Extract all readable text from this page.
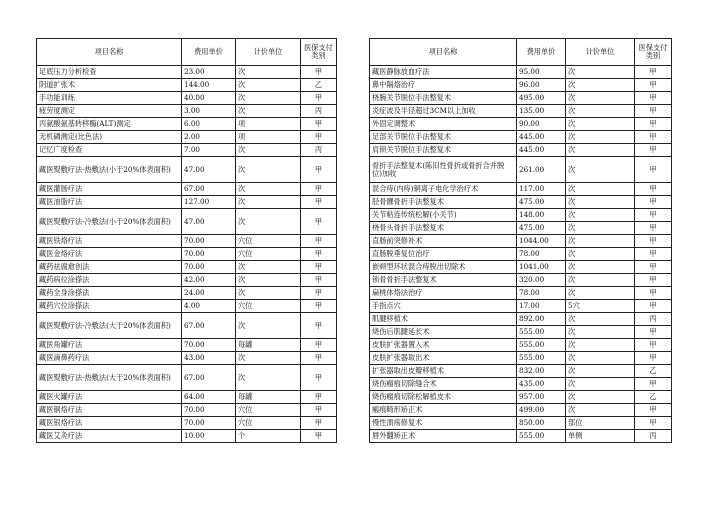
项目名称	费用单价	计价单位	医保支付类别
足底压力分析检查	23.00	次	甲
阴道扩张术	144.00	次	乙
手功能训练	40.00	次	甲
疲劳度测定	3.00	次	丙
丙氨酸氨基转移酶(ALT)测定	6.00	项	甲
无机磷测定(比色法)	2.00	项	甲
记忆广度检查	7.00	次	丙
藏医熨敷疗法-热敷法(小于20%体表面积)	47.00	次	甲
藏医灌肠疗法	67.00	次	甲
藏医油脂疗法	127.00	次	甲
藏医熨敷疗法-冷敷法(小于20%体表面积)	47.00	次	甲
藏医铁烙疗法	70.00	穴位	甲
藏医金烙疗法	70.00	穴位	甲
藏药祛腐愈创法	70.00	次	甲
藏药病位涂搽法	42.00	次	甲
藏药全身涂搽法	24.00	次	甲
藏药穴位涂搽法	4.00	穴位	甲
藏医熨敷疗法-冷敷法(大于20%体表面积)	67.00	次	甲
藏医角罐疗法	70.00	每罐	甲
藏医滴鼻药疗法	43.00	次	甲
藏医熨敷疗法-热敷法(大于20%体表面积)	67.00	次	甲
藏医火罐疗法	64.00	每罐	甲
藏医铜烙疗法	70.00	穴位	甲
藏医银烙疗法	70.00	穴位	甲
藏医艾灸疗法	10.00	个	甲
项目名称	费用单价	计价单位	医保支付类别
藏医静脉放血疗法	95.00	次	甲
鼻中隔烙治疗	96.00	次	甲
桡腕关节脱位手法整复术	495.00	次	甲
炎症波及半径超过3CM以上加收	135.00	次	甲
外固定调整术	90.00	次	甲
足部关节脱位手法整复术	445.00	次	甲
肩锁关节脱位手法整复术	445.00	次	甲
骨折手法整复术(陈旧性骨折或骨折合并脱位)加收	261.00	次	甲
混合痔(内痔)铜离子电化学治疗术	117.00	次	甲
胫骨髁骨折手法整复术	475.00	次	甲
关节粘连传统松解(小关节)	148.00	次	甲
桡骨头骨折手法整复术	475.00	次	甲
直肠前突修补术	1044.00	次	甲
直肠脱垂复位治疗	78.00	次	甲
嵌顿型环状混合痔脱出切除术	1041.00	次	甲
锁骨骨折手法整复术	320.00	次	甲
扁桃体烙法治疗	78.00	次	甲
手指点穴	17.00	5穴	甲
肌腱移植术	892.00	次	丙
烧伤后肌腱延长术	555.00	次	甲
皮肤扩张器置入术	555.00	次	甲
皮肤扩张器取出术	555.00	次	甲
扩张器取出皮瓣移植术	832.00	次	乙
烧伤瘢痕切除缝合术	435.00	次	甲
烧伤瘢痕切除松解植皮术	957.00	次	乙
瘢痕畸形矫正术	499.00	次	甲
慢性溃疡修复术	850.00	部位	甲
唇外翻矫正术	555.00	单侧	丙
